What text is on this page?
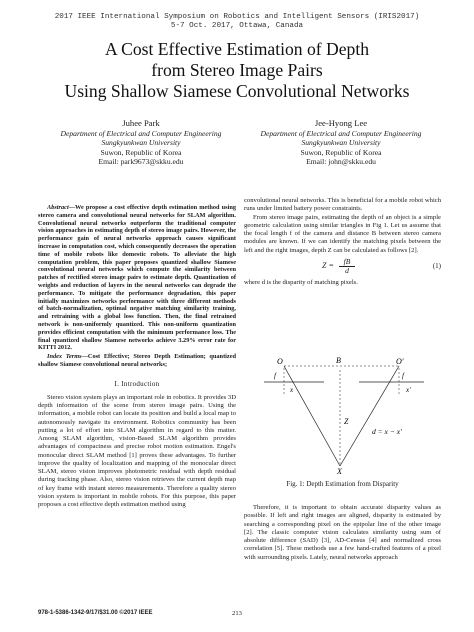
2017 IEEE International Symposium on Robotics and Intelligent Sensors (IRIS2017)
5-7 Oct. 2017, Ottawa, Canada
A Cost Effective Estimation of Depth
from Stereo Image Pairs
Using Shallow Siamese Convolutional Networks
Juhee Park
Department of Electrical and Computer Engineering
Sungkyunkwan University
Suwon, Republic of Korea
Email: park9673@skku.edu
Jee-Hyong Lee
Department of Electrical and Computer Engineering
Sungkyunkwan University
Suwon, Republic of Korea
Email: john@skku.edu

Abstract—We propose a cost effective depth estimation method using stereo camera and convolutional neural networks for SLAM algorithm. Convolutional neural networks outperform the traditional computer vision approaches in estimating depth of stereo image pairs. However, the performance gain of neural networks approach causes significant increase in computation cost, which consequently decreases the operation time of mobile robots like domestic robots. To alleviate the high computation problem, this paper proposes quantized shallow Siamese convolutional neural networks which compute the similarity between patches of rectified stereo image pairs to estimate depth. Quantization of weights and reduction of layers in the neural networks can degrade the performance. To mitigate the performance degradation, this paper initially maximizes networks performance with three different methods of batch-normalization, optimal negative matching similarity training, and retraining with a global loss function. Then, the final retrained network is non-uniformly quantized. This non-uniform quantization provides efficient computation with the minimum performance loss. The final quantized shallow Siamese networks achieve 3.29% error rate for KITTI 2012.

Index Terms—Cost Effective; Stereo Depth Estimation; quantized shallow Siamese convolutional neural networks;

I. Introduction

Stereo vision system plays an important role in robotics. It provides 3D depth information of the scene from stereo image pairs. Using the information, a mobile robot can locate its position and build a local map to autonomously navigate its environment. Robotics community has been putting a lot of effort into SLAM algorithm in regard to this matter. Among SLAM algorithm, vision-Based SLAM algorithm provides advantages of compactness and precise robot motion estimation. Engel's monocular direct SLAM method [1] proves these advantages. To further improve the quality of localization and mapping of the monocular direct SLAM, stereo vision improves photometric residual with depth residual during tracking phase. Also, stereo vision retrieves the current depth map of key frame with instant stereo measurements. Therefore a quality stereo vision system is important in mobile robots. For this purpose, this paper proposes a cost effective depth estimation method using

convolutional neural networks. This is beneficial for a mobile robot which runs under limited battery power constraints.

From stereo image pairs, estimating the depth of an object is a simple geometric calculation using similar triangles in Fig 1. Let us assume that the focal length f of the camera and distance B between stereo camera modules are known. If we can identify the matching pixels between the left and the right images, depth Z can be calculated as follows [2].

$Z = \frac{fB}{d}$	(1)

where d is the disparity of matching pixels.

B
O	O'
f	f
x	x'
Z
d = x − x'
X
Fig. 1: Depth Estimation from Disparity

Therefore, it is important to obtain accurate disparity values as possible. If left and right images are aligned, disparity is estimated by searching a corresponding pixel on the epipolar line of the other image [2]. The classic computer vision calculates similarity using sum of absolute difference (SAD) [3], AD-Census [4] and normalized cross correlation [5]. These methods use a few hand-crafted features of a pixel with surrounding pixels. Lately, neural networks approach

978-1-5386-1342-9/17/$31.00 ©2017 IEEE	213
